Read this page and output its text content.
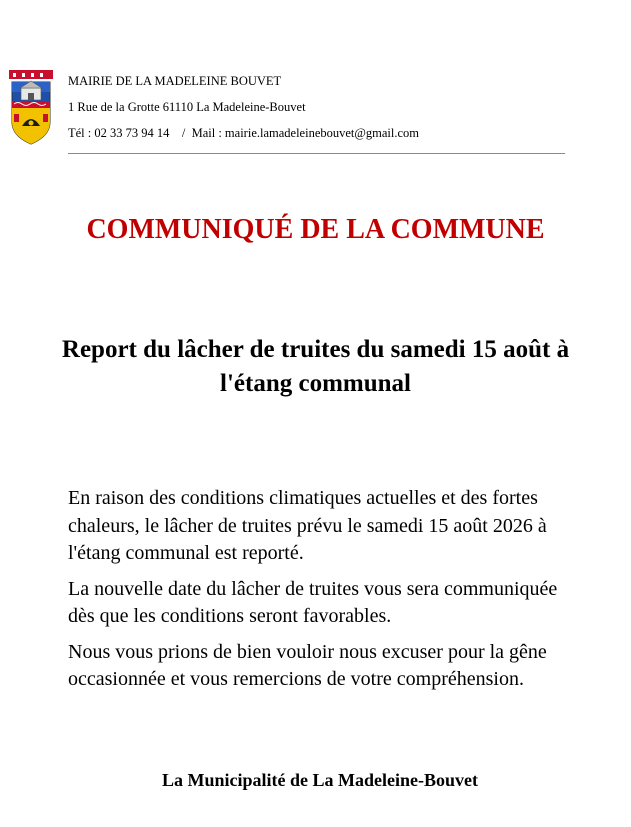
MAIRIE DE LA MADELEINE BOUVET
1 Rue de la Grotte 61110 La Madeleine-Bouvet
Tél : 02 33 73 94 14    /  Mail : mairie.lamadeleinebouvet@gmail.com
COMMUNIQUÉ DE LA COMMUNE
Report du lâcher de truites du samedi 15 août à l'étang communal

En raison des conditions climatiques actuelles et des fortes chaleurs, le lâcher de truites prévu le samedi 15 août 2026 à l'étang communal est reporté.

La nouvelle date du lâcher de truites vous sera communiquée dès que les conditions seront favorables.

Nous vous prions de bien vouloir nous excuser pour la gêne occasionnée et vous remercions de votre compréhension.

La Municipalité de La Madeleine-Bouvet
